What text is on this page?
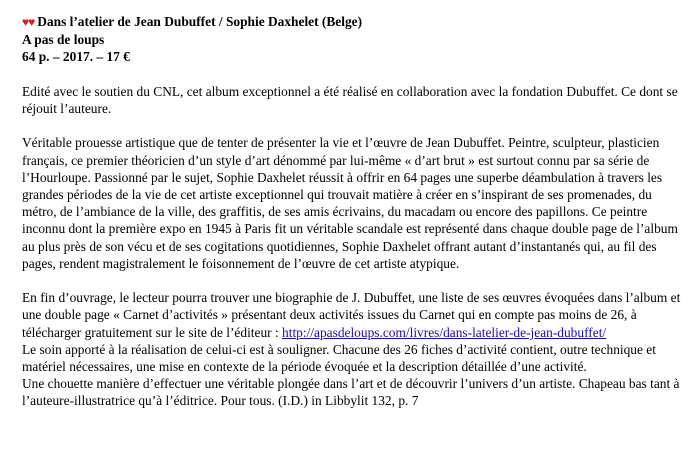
♥♥ Dans l’atelier de Jean Dubuffet / Sophie Daxhelet (Belge)
A pas de loups
64 p. – 2017. – 17 €

Edité avec le soutien du CNL, cet album exceptionnel a été réalisé en collaboration avec la fondation Dubuffet. Ce dont se réjouit l’auteure.

Véritable prouesse artistique que de tenter de présenter la vie et l’œuvre de Jean Dubuffet. Peintre, sculpteur, plasticien français, ce premier théoricien d’un style d’art dénommé par lui-même « d’art brut » est surtout connu par sa série de l’Hourloupe. Passionné par le sujet, Sophie Daxhelet réussit à offrir en 64 pages une superbe déambulation à travers les grandes périodes de la vie de cet artiste exceptionnel qui trouvait matière à créer en s’inspirant de ses promenades, du métro, de l’ambiance de la ville, des graffitis, de ses amis écrivains, du macadam ou encore des papillons. Ce peintre inconnu dont la première expo en 1945 à Paris fit un véritable scandale est représenté dans chaque double page de l’album au plus près de son vécu et de ses cogitations quotidiennes, Sophie Daxhelet offrant autant d’instantanés qui, au fil des pages, rendent magistralement le foisonnement de l’œuvre de cet artiste atypique.

En fin d’ouvrage, le lecteur pourra trouver une biographie de J. Dubuffet, une liste de ses œuvres évoquées dans l’album et une double page « Carnet d’activités » présentant deux activités issues du Carnet qui en compte pas moins de 26, à télécharger gratuitement sur le site de l’éditeur : http://apasdeloups.com/livres/dans-latelier-de-jean-dubuffet/

Le soin apporté à la réalisation de celui-ci est à souligner. Chacune des 26 fiches d’activité contient, outre technique et matériel nécessaires, une mise en contexte de la période évoquée et la description détaillée d’une activité.

Une chouette manière d’effectuer une véritable plongée dans l’art et de découvrir l’univers d’un artiste. Chapeau bas tant à l’auteure-illustratrice qu’à l’éditrice. Pour tous. (I.D.) in Libbylit 132, p. 7
